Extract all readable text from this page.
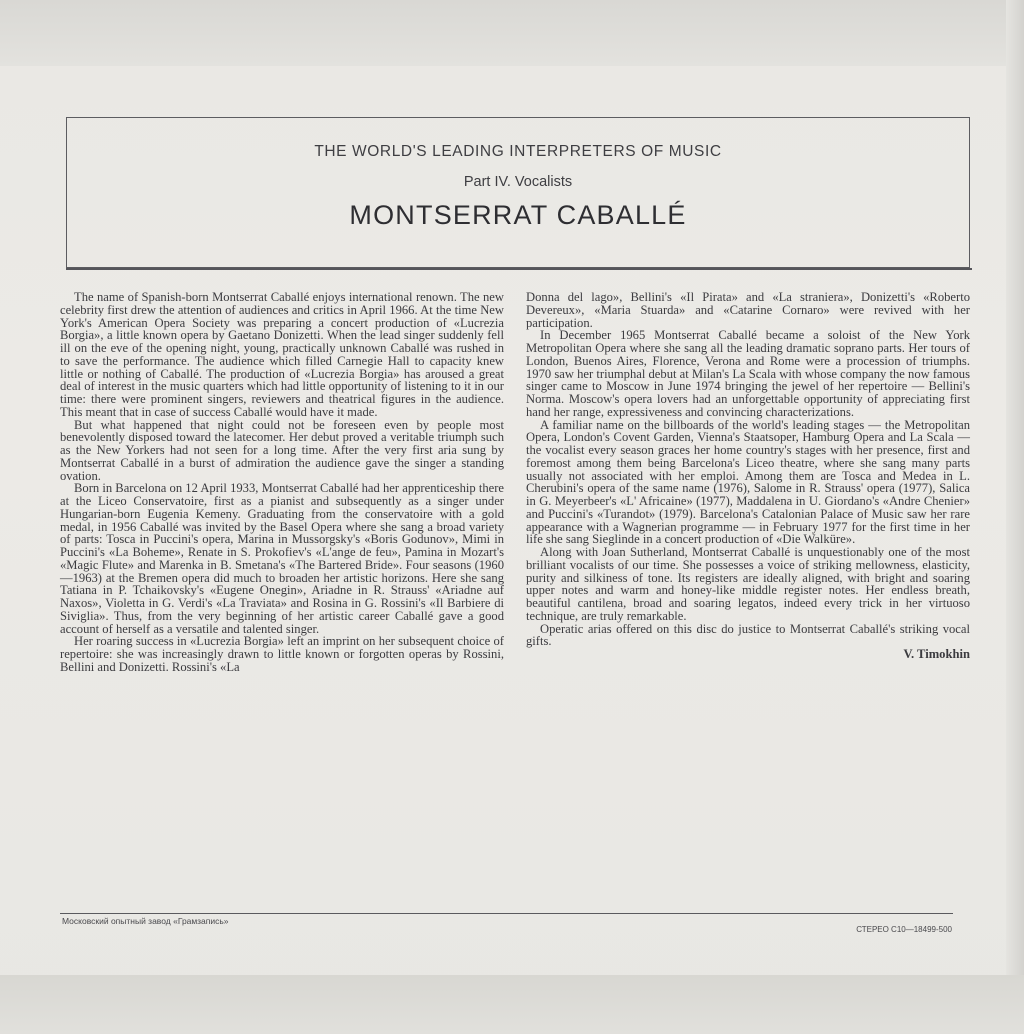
THE WORLD'S LEADING INTERPRETERS OF MUSIC
Part IV. Vocalists
MONTSERRAT CABALLÉ

The name of Spanish-born Montserrat Caballé enjoys international renown. The new celebrity first drew the attention of audiences and critics in April 1966. At the time New York's American Opera Society was preparing a concert production of «Lucrezia Borgia», a little known opera by Gaetano Donizetti. When the lead singer suddenly fell ill on the eve of the opening night, young, practically unknown Caballé was rushed in to save the performance. The audience which filled Carnegie Hall to capacity knew little or nothing of Caballé. The production of «Lucrezia Borgia» has aroused a great deal of interest in the music quarters which had little opportunity of listening to it in our time: there were prominent singers, reviewers and theatrical figures in the audience. This meant that in case of success Caballé would have it made.

But what happened that night could not be foreseen even by people most benevolently disposed toward the latecomer. Her debut proved a veritable triumph such as the New Yorkers had not seen for a long time. After the very first aria sung by Montserrat Caballé in a burst of admiration the audience gave the singer a standing ovation.

Born in Barcelona on 12 April 1933, Montserrat Caballé had her apprenticeship there at the Liceo Conservatoire, first as a pianist and subsequently as a singer under Hungarian-born Eugenia Kemeny. Graduating from the conservatoire with a gold medal, in 1956 Caballé was invited by the Basel Opera where she sang a broad variety of parts: Tosca in Puccini's opera, Marina in Mussorgsky's «Boris Godunov», Mimi in Puccini's «La Boheme», Renate in S. Prokofiev's «L'ange de feu», Pamina in Mozart's «Magic Flute» and Marenka in B. Smetana's «The Bartered Bride». Four seasons (1960—1963) at the Bremen opera did much to broaden her artistic horizons. Here she sang Tatiana in P. Tchaikovsky's «Eugene Onegin», Ariadne in R. Strauss' «Ariadne auf Naxos», Violetta in G. Verdi's «La Traviata» and Rosina in G. Rossini's «Il Barbiere di Siviglia». Thus, from the very beginning of her artistic career Caballé gave a good account of herself as a versatile and talented singer.

Her roaring success in «Lucrezia Borgia» left an imprint on her subsequent choice of repertoire: she was increasingly drawn to little known or forgotten operas by Rossini, Bellini and Donizetti. Rossini's «La

Donna del lago», Bellini's «Il Pirata» and «La straniera», Donizetti's «Roberto Devereux», «Maria Stuarda» and «Catarine Cornaro» were revived with her participation.

In December 1965 Montserrat Caballé became a soloist of the New York Metropolitan Opera where she sang all the leading dramatic soprano parts. Her tours of London, Buenos Aires, Florence, Verona and Rome were a procession of triumphs. 1970 saw her triumphal debut at Milan's La Scala with whose company the now famous singer came to Moscow in June 1974 bringing the jewel of her repertoire — Bellini's Norma. Moscow's opera lovers had an unforgettable opportunity of appreciating first hand her range, expressiveness and convincing characterizations.

A familiar name on the billboards of the world's leading stages — the Metropolitan Opera, London's Covent Garden, Vienna's Staatsoper, Hamburg Opera and La Scala — the vocalist every season graces her home country's stages with her presence, first and foremost among them being Barcelona's Liceo theatre, where she sang many parts usually not associated with her emploi. Among them are Tosca and Medea in L. Cherubini's opera of the same name (1976), Salome in R. Strauss' opera (1977), Salica in G. Meyerbeer's «L' Africaine» (1977), Maddalena in U. Giordano's «Andre Chenier» and Puccini's «Turandot» (1979). Barcelona's Catalonian Palace of Music saw her rare appearance with a Wagnerian programme — in February 1977 for the first time in her life she sang Sieglinde in a concert production of «Die Walküre».

Along with Joan Sutherland, Montserrat Caballé is unquestionably one of the most brilliant vocalists of our time. She possesses a voice of striking mellowness, elasticity, purity and silkiness of tone. Its registers are ideally aligned, with bright and soaring upper notes and warm and honey-like middle register notes. Her endless breath, beautiful cantilena, broad and soaring legatos, indeed every trick in her virtuoso technique, are truly remarkable.

Operatic arias offered on this disc do justice to Montserrat Caballé's striking vocal gifts.

V. Timokhin

Московский опытный завод «Грамзапись»
СТЕРЕО С10—18499-500
